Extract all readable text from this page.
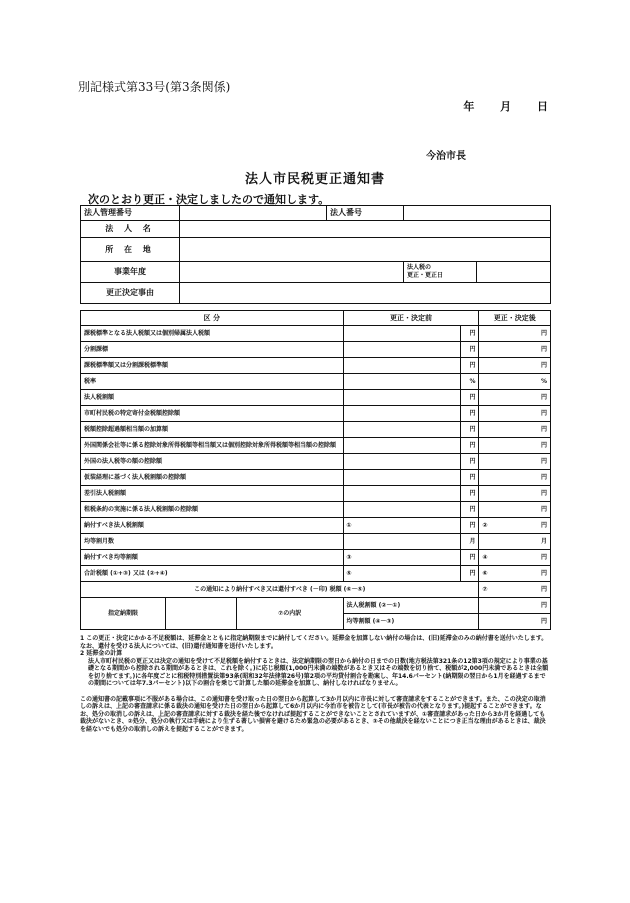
別記様式第33号(第3条関係)
年 月 日
今治市長
法人市民税更正通知書
次のとおり更正・決定しましたので通知します。
法人管理番号		法人番号		
法 人 名				
所 在 地				
事業年度			法人税の
更正・更正日	

更正決定事由				
区 分			更正・決定前		更正・決定後
課税標準となる法人税額又は個別帰属法人税額				円	円
分割課標				円	円
課税標準額又は分割課税標準額				円	円
税率				%	%
法人税割額				円	円
市町村民税の特定寄付金税額控除額				円	円
税額控除超過額相当額の加算額				円	円
外国関係会社等に係る控除対象所得税額等相当額又は個別控除対象所得税額等相当額の控除額				円	円
外国の法人税等の額の控除額				円	円
仮装経理に基づく法人税割額の控除額				円	円
差引法人税割額				円	円
租税条約の実施に係る法人税割額の控除額				円	円
納付すべき法人税割額			①	円	② 円
均等割月数				月	月
納付すべき均等割額			③	円	④ 円
合計税額 (①+③) 又は (②+④)			⑤	円	⑥ 円
この通知により納付すべき又は還付すべき (－印) 税額 (⑥－⑤)					⑦ 円
指定納期限		⑦の内訳	法人税割額 (②－①)		円
			均等割額 (④－③)		円

1 この更正・決定にかかる不足税額は、延滞金とともに指定納期限までに納付してください。延滞金を加算しない納付の場合は、(旧)延滞金のみの納付書を送付いたします。なお、還付を受ける法人については、(旧)還付通知書を送付いたします。

2 延滞金の計算

法人市町村民税の更正又は決定の通知を受けて不足税額を納付するときは、法定納期限の翌日から納付の日までの日数(地方税法第321条の12第3項の規定により事業の基礎となる期間から控除される期間があるときは、これを除く。)に応じ税額(1,000円未満の端数があるとき又はその端数を切り捨て、税額が2,000円未満であるときは全額を切り捨てます。)に各年度ごとに租税特別措置法第93条(昭和32年法律第26号)第2項の平均貸付割合を勘案し、年14.6パーセント(納期限の翌日から1月を経過するまでの期間については年7.3パーセント)以下の割合を乗じて計算した額の延滞金を加算し、納付しなければなりません。

この通知書の記載事項に不服がある場合は、この通知書を受け取った日の翌日から起算して3か月以内に市長に対して審査請求をすることができます。また、この決定の取消しの訴えは、上記の審査請求に係る裁決の通知を受けた日の翌日から起算して6か月以内に今治市を被告として(市長が被告の代表となります。)提起することができます。なお、処分の取消しの訴えは、上記の審査請求に対する裁決を経た後でなければ提起することができないこととされていますが、①審査請求があった日から3か月を経過しても裁決がないとき、②処分、処分の執行又は手続により生ずる著しい損害を避けるため緊急の必要があるとき、③その他裁決を経ないことにつき正当な理由があるときは、裁決を経ないでも処分の取消しの訴えを提起することができます。
